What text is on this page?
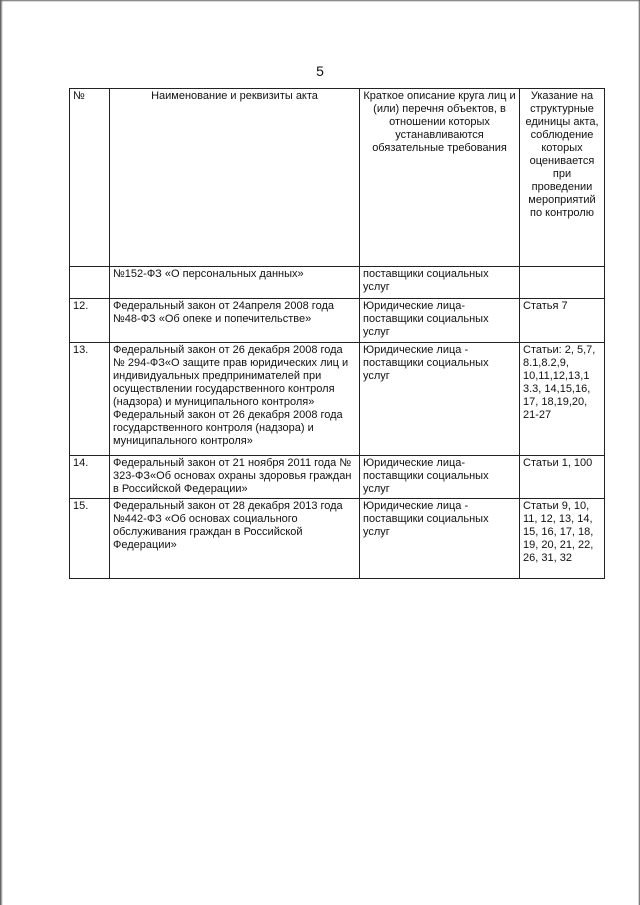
5
№	Наименование и реквизиты акта	Краткое описание круга лиц и (или) перечня объектов, в отношении которых устанавливаются обязательные требования	Указание на структурные единицы акта, соблюдение которых оцениваетcя при проведении мероприятий по контролю
	№152-ФЗ «О персональных данных»	поставщики социальных услуг	
12.	Федеральный закон от 24апреля 2008 года №48-ФЗ «Об опеке и попечительстве»	Юридические лица-поставщики социальных услуг	Статья 7
13.	Федеральный закон от 26 декабря 2008 года № 294-ФЗ«О защите прав юридических лиц и индивидуальных предпринимателей при осуществлении государственного контроля (надзора) и муниципального контроля» Федеральный закон от 26 декабря 2008 года государственного контроля (надзора) и муниципального контроля»	Юридические лица - поставщики социальных услуг	Статьи: 2, 5,7, 8.1,8.2,9, 10,11,12,13,1 3.3, 14,15,16, 17, 18,19,20, 21-27
14.	Федеральный закон от 21 ноября 2011 года № 323-ФЗ«Об основах охраны здоровья граждан в Российской Федерации»	Юридические лица-поставщики социальных услуг	Статьи 1, 100
15.	Федеральный закон от 28 декабря 2013 года №442-ФЗ «Об основах социального обслуживания граждан в Российской Федерации»	Юридические лица - поставщики социальных услуг	Статьи 9, 10, 11, 12, 13, 14, 15, 16, 17, 18, 19, 20, 21, 22, 26, 31, 32
